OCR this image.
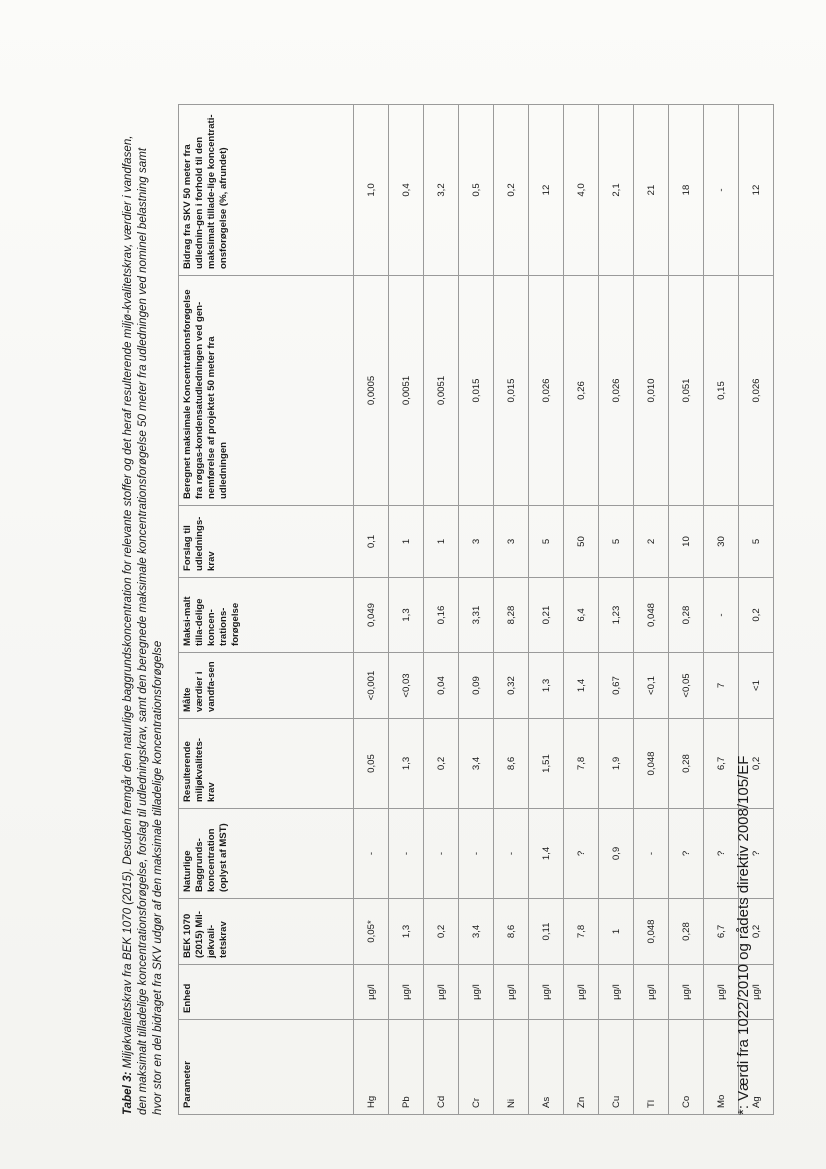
Tabel 3: Miljøkvalitetskrav fra BEK 1070 (2015). Desuden fremgår den naturlige baggrundskoncentration for relevante stoffer og det heraf resulterende miljø-kvalitetskrav, værdier i vandfasen, den maksimalt tilladelige koncentrationsforøgelse, forslag til udledningskrav, samt den beregnede maksimale koncentrationsforøgelse 50 meter fra udledningen ved nominel belastning samt hvor stor en del bidraget fra SKV udgør af den maksimale tilladelige koncentrationsforøgelse Parameter	Enhed	BEK 1070 (2015) Mil-jøkvali-tetskrav	Naturlige Baggrunds-koncentration (oplyst af MST)	Resulterende miljøkvalitets-krav	Målte værdier i vandfa-sen	Maksi-malt tilla-delige koncen-trations-forøgelse	Forslag til udlednings-krav	Beregnet maksimale Koncentrationsforøgelse fra røggas-kondensatudledningen ved gen-nemførelse af projektet 50 meter fra udledningen	Bidrag fra SKV 50 meter fra udlednin-gen i forhold til den maksimalt tillade-lige koncentrati-onsforøgelse (%, afrundet)
Hg	µg/l	0,05*	-	0,05	<0,001	0,049	0,1	0,0005	1,0
Pb	µg/l	1,3	-	1,3	<0,03	1,3	1	0,0051	0,4
Cd	µg/l	0,2	-	0,2	0,04	0,16	1	0,0051	3,2
Cr	µg/l	3,4	-	3,4	0,09	3,31	3	0,015	0,5
Ni	µg/l	8,6	-	8,6	0,32	8,28	3	0,015	0,2
As	µg/l	0,11	1,4	1,51	1,3	0,21	5	0,026	12
Zn	µg/l	7,8	?	7,8	1,4	6,4	50	0,26	4,0
Cu	µg/l	1	0,9	1,9	0,67	1,23	5	0,026	2,1
Tl	µg/l	0,048	-	0,048	<0,1	0,048	2	0,010	21
Co	µg/l	0,28	?	0,28	<0,05	0,28	10	0,051	18
Mo	µg/l	6,7	?	6,7	7	-	30	0,15	-
Ag	µg/l	0,2	?	0,2	<1	0,2	5	0,026	12
*: Værdi fra 1022/2010 og rådets direktiv 2008/105/EF
